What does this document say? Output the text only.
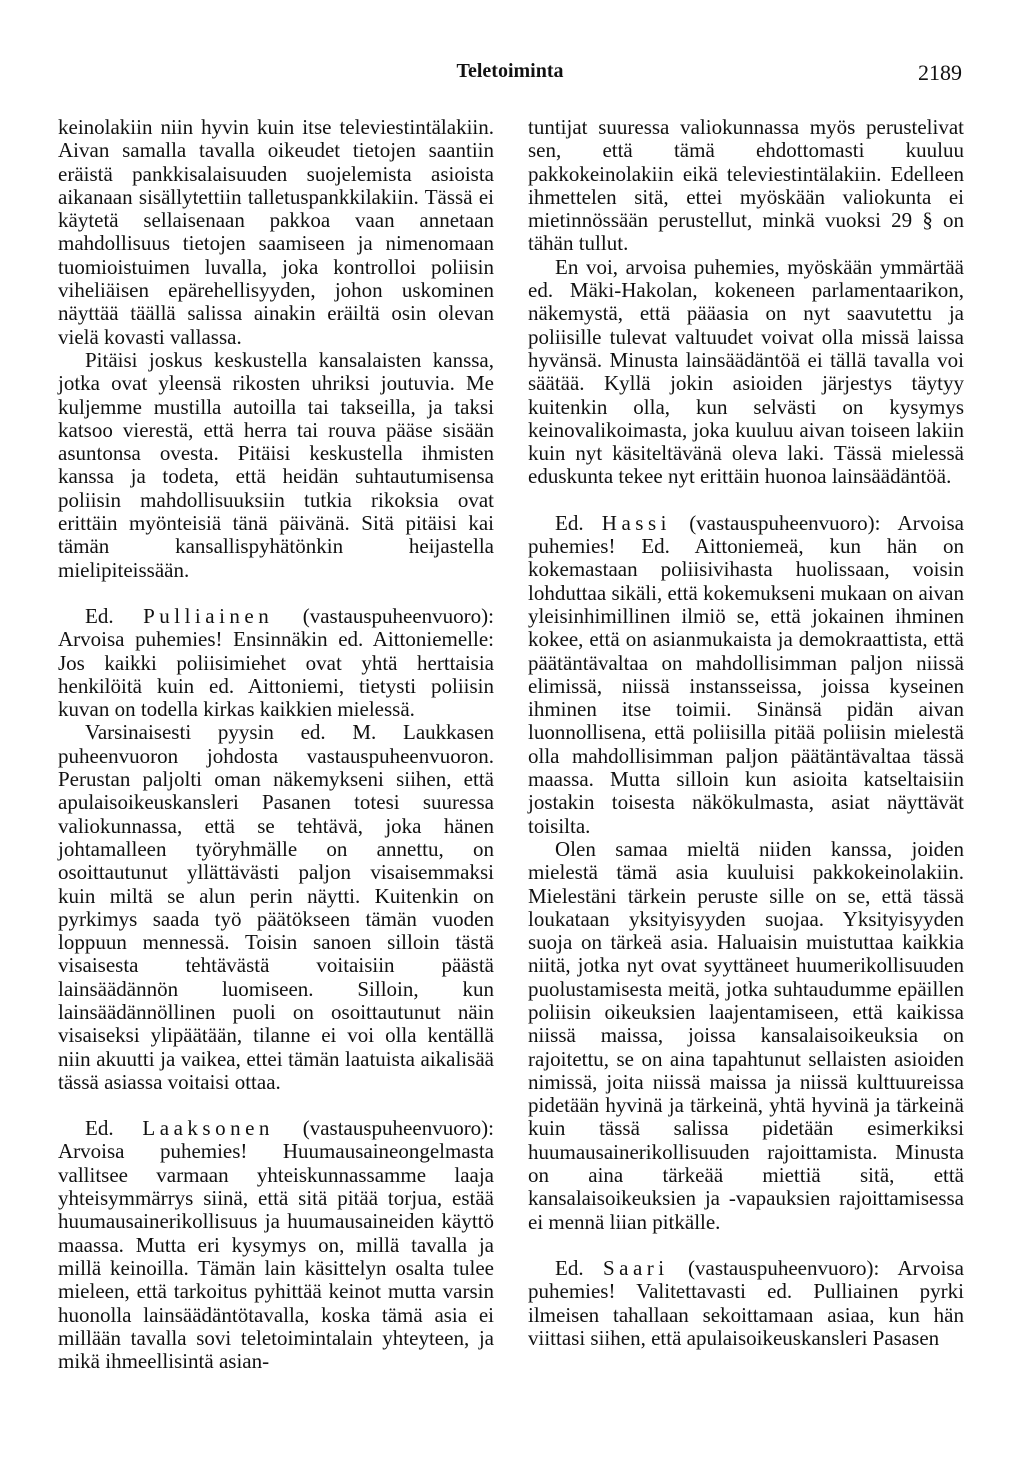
Teletoiminta	2189

keinolakiin niin hyvin kuin itse televiestintälakiin. Aivan samalla tavalla oikeudet tietojen saantiin eräistä pankkisalaisuuden suojelemista asioista aikanaan sisällytettiin talletuspankkilakiin. Tässä ei käytetä sellaisenaan pakkoa vaan annetaan mahdollisuus tietojen saamiseen ja nimenomaan tuomioistuimen luvalla, joka kontrolloi poliisin viheliäisen epärehellisyyden, johon uskominen näyttää täällä salissa ainakin eräiltä osin olevan vielä kovasti vallassa.

Pitäisi joskus keskustella kansalaisten kanssa, jotka ovat yleensä rikosten uhriksi joutuvia. Me kuljemme mustilla autoilla tai takseilla, ja taksi katsoo vierestä, että herra tai rouva pääse sisään asuntonsa ovesta. Pitäisi keskustella ihmisten kanssa ja todeta, että heidän suhtautumisensa poliisin mahdollisuuksiin tutkia rikoksia ovat erittäin myönteisiä tänä päivänä. Sitä pitäisi kai tämän kansallispyhätönkin heijastella mielipiteissään.

Ed. Pulliainen (vastauspuheenvuoro): Arvoisa puhemies! Ensinnäkin ed. Aittoniemelle: Jos kaikki poliisimiehet ovat yhtä herttaisia henkilöitä kuin ed. Aittoniemi, tietysti poliisin kuvan on todella kirkas kaikkien mielessä.

Varsinaisesti pyysin ed. M. Laukkasen puheenvuoron johdosta vastauspuheenvuoron. Perustan paljolti oman näkemykseni siihen, että apulaisoikeuskansleri Pasanen totesi suuressa valiokunnassa, että se tehtävä, joka hänen johtamalleen työryhmälle on annettu, on osoittautunut yllättävästi paljon visaisemmaksi kuin miltä se alun perin näytti. Kuitenkin on pyrkimys saada työ päätökseen tämän vuoden loppuun mennessä. Toisin sanoen silloin tästä visaisesta tehtävästä voitaisiin päästä lainsäädännön luomiseen. Silloin, kun lainsäädännöllinen puoli on osoittautunut näin visaiseksi ylipäätään, tilanne ei voi olla kentällä niin akuutti ja vaikea, ettei tämän laatuista aikalisää tässä asiassa voitaisi ottaa.

Ed. Laaksonen (vastauspuheenvuoro): Arvoisa puhemies! Huumausaineongelmasta vallitsee varmaan yhteiskunnassamme laaja yhteisymmärrys siinä, että sitä pitää torjua, estää huumausainerikollisuus ja huumausaineiden käyttö maassa. Mutta eri kysymys on, millä tavalla ja millä keinoilla. Tämän lain käsittelyn osalta tulee mieleen, että tarkoitus pyhittää keinot mutta varsin huonolla lainsäädäntötavalla, koska tämä asia ei millään tavalla sovi teletoimintalain yhteyteen, ja mikä ihmeellisintä asian-

tuntijat suuressa valiokunnassa myös perustelivat sen, että tämä ehdottomasti kuuluu pakkokeinolakiin eikä televiestintälakiin. Edelleen ihmettelen sitä, ettei myöskään valiokunta ei mietinnössään perustellut, minkä vuoksi 29 § on tähän tullut.

En voi, arvoisa puhemies, myöskään ymmärtää ed. Mäki-Hakolan, kokeneen parlamentaarikon, näkemystä, että pääasia on nyt saavutettu ja poliisille tulevat valtuudet voivat olla missä laissa hyvänsä. Minusta lainsäädäntöä ei tällä tavalla voi säätää. Kyllä jokin asioiden järjestys täytyy kuitenkin olla, kun selvästi on kysymys keinovalikoimasta, joka kuuluu aivan toiseen lakiin kuin nyt käsiteltävänä oleva laki. Tässä mielessä eduskunta tekee nyt erittäin huonoa lainsäädäntöä.

Ed. Hassi (vastauspuheenvuoro): Arvoisa puhemies! Ed. Aittoniemeä, kun hän on kokemastaan poliisivihasta huolissaan, voisin lohduttaa sikäli, että kokemukseni mukaan on aivan yleisinhimillinen ilmiö se, että jokainen ihminen kokee, että on asianmukaista ja demokraattista, että päätäntävaltaa on mahdollisimman paljon niissä elimissä, niissä instansseissa, joissa kyseinen ihminen itse toimii. Sinänsä pidän aivan luonnollisena, että poliisilla pitää poliisin mielestä olla mahdollisimman paljon päätäntävaltaa tässä maassa. Mutta silloin kun asioita katseltaisiin jostakin toisesta näkökulmasta, asiat näyttävät toisilta.

Olen samaa mieltä niiden kanssa, joiden mielestä tämä asia kuuluisi pakkokeinolakiin. Mielestäni tärkein peruste sille on se, että tässä loukataan yksityisyyden suojaa. Yksityisyyden suoja on tärkeä asia. Haluaisin muistuttaa kaikkia niitä, jotka nyt ovat syyttäneet huumerikollisuuden puolustamisesta meitä, jotka suhtaudumme epäillen poliisin oikeuksien laajentamiseen, että kaikissa niissä maissa, joissa kansalaisoikeuksia on rajoitettu, se on aina tapahtunut sellaisten asioiden nimissä, joita niissä maissa ja niissä kulttuureissa pidetään hyvinä ja tärkeinä, yhtä hyvinä ja tärkeinä kuin tässä salissa pidetään esimerkiksi huumausainerikollisuuden rajoittamista. Minusta on aina tärkeää miettiä sitä, että kansalaisoikeuksien ja -vapauksien rajoittamisessa ei mennä liian pitkälle.

Ed. Saari (vastauspuheenvuoro): Arvoisa puhemies! Valitettavasti ed. Pulliainen pyrki ilmeisen tahallaan sekoittamaan asiaa, kun hän viittasi siihen, että apulaisoikeuskansleri Pasasen
